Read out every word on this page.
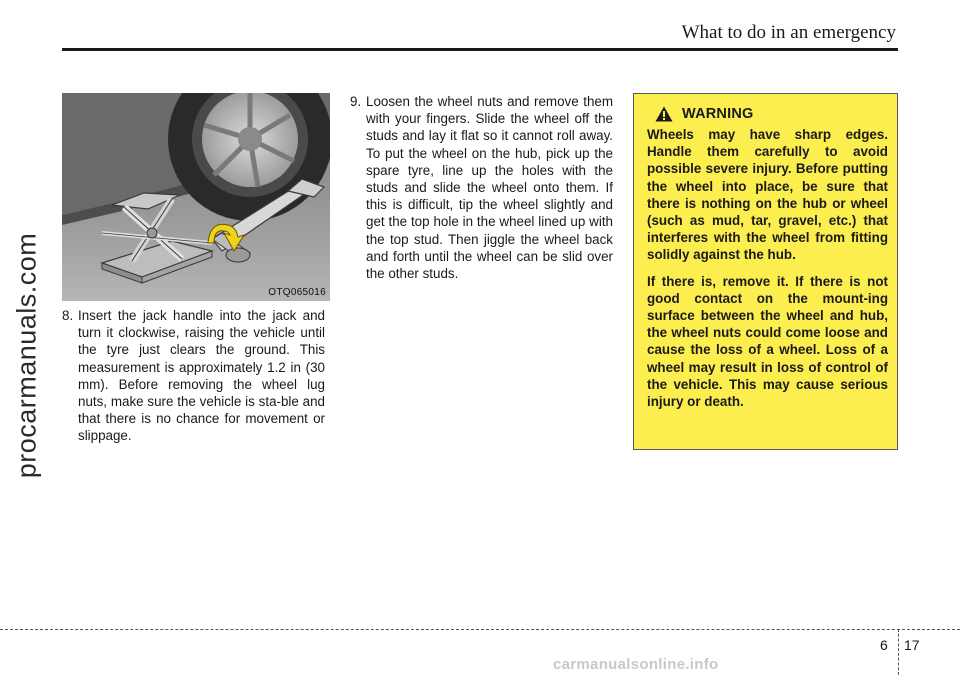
What to do in an emergency
procarmanuals.com	OTQ065016
8. Insert the jack handle into the jack and turn it clockwise, raising the vehicle until the tyre just clears the ground. This measurement is approximately 1.2 in (30 mm). Before removing the wheel lug nuts, make sure the vehicle is sta-ble and that there is no chance for movement or slippage.
9. Loosen the wheel nuts and remove them with your fingers. Slide the wheel off the studs and lay it flat so it cannot roll away. To put the wheel on the hub, pick up the spare tyre, line up the holes with the studs and slide the wheel onto them. If this is difficult, tip the wheel slightly and get the top hole in the wheel lined up with the top stud. Then jiggle the wheel back and forth until the wheel can be slid over the other studs.
WARNING

Wheels may have sharp edges. Handle them carefully to avoid possible severe injury. Before putting the wheel into place, be sure that there is nothing on the hub or wheel (such as mud, tar, gravel, etc.) that interferes with the wheel from fitting solidly against the hub.

If there is, remove it. If there is not good contact on the mount-ing surface between the wheel and hub, the wheel nuts could come loose and cause the loss of a wheel. Loss of a wheel may result in loss of control of the vehicle. This may cause serious injury or death.

6 17
carmanualsonline.info
